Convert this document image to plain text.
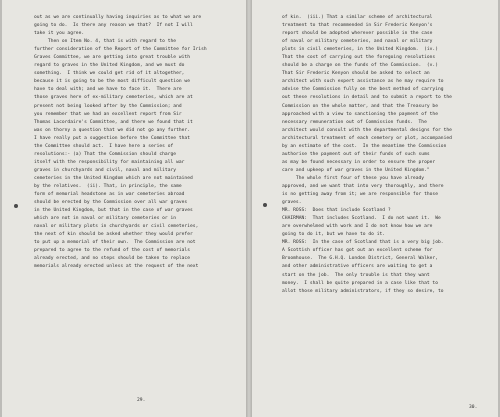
out as we are continually having inquiries as to what we are
going to do.  Is there any reason we that?  If not I will
take it you agree.
Then on Item No. 4, that is with regard to the
further consideration of the Report of the Committee for Irish
Graves Committee, we are getting into great trouble with
regard to graves in the United Kingdom, and we must do
something.  I think we could get rid of it altogether,
because it is going to be the most difficult question we
have to deal with; and we have to face it.  There are
those graves here of ex-military cemeteries, which are at
present not being looked after by the Commission; and
you remember that we had an excellent report from Sir
Thomas Lacordaire's Committee, and there we found that it
was on thorny a question that we did not go any further.
I have really put a suggestion before the Committee that
the Committee should act.  I have here a series of
resolutions:- (a) That the Commission should charge
itself with the responsibility for maintaining all war
graves in churchyards and civil, naval and military
cemeteries in the United Kingdom which are not maintained
by the relatives.  (ii). That, in principle, the same
form of memorial headstone as in war cemeteries abroad
should be erected by the Commission over all war graves
in the United Kingdom, but that in the case of war graves
which are not in naval or military cemeteries or in
naval or military plots in churchyards or civil cemeteries,
the next of kin should be asked whether they would prefer
to put up a memorial of their own.  The Commission are not
prepared to agree to the refund of the cost of memorials
already erected, and no steps should be taken to replace
memorials already erected unless at the request of the next
29.
of kin.  (iii.) That a similar scheme of architectural
treatment to that recommended in Sir Frederic Kenyon's
report should be adopted wherever possible in the case
of naval or military cemeteries, and naval or military
plots in civil cemeteries, in the United Kingdom.  (iv.)
That the cost of carrying out the foregoing resolutions
should be a charge on the funds of the Commission.  (v.)
That Sir Frederic Kenyon should be asked to select an
architect with such expert assistance as he may require to
advise the Commission fully on the best method of carrying
out these resolutions in detail and to submit a report to the
Commission on the whole matter, and that the Treasury be
approached with a view to sanctioning the payment of the
necessary remuneration out of Commission funds.  The
architect would consult with the departmental designs for the
architectural treatment of each cemetery or plot, accompanied
by an estimate of the cost.  In the meantime the Commission
authorise the payment out of their funds of such sums
as may be found necessary in order to ensure the proper
care and upkeep of war graves in the United Kingdom."
The whole first four of these you have already
approved, and we want that into very thoroughly, and there
is no getting away from it; we are responsible for those
graves.
MR. ROSS:  Does that include Scotland ?
CHAIRMAN:  That includes Scotland.  I do not want it.  We
are overwhelmed with work and I do not know how we are
going to do it, but we have to do it.
MR. ROSS:  In the case of Scotland that is a very big job.
A Scottish officer has got out an excellent scheme for
Broomhouse.  The G.H.Q. London District, General Walker,
and other administrative officers are waiting to get a
start on the job.  The only trouble is that they want
money.  I shall be quite prepared in a case like that to
allot those military administrators, if they so desire, to
30.
